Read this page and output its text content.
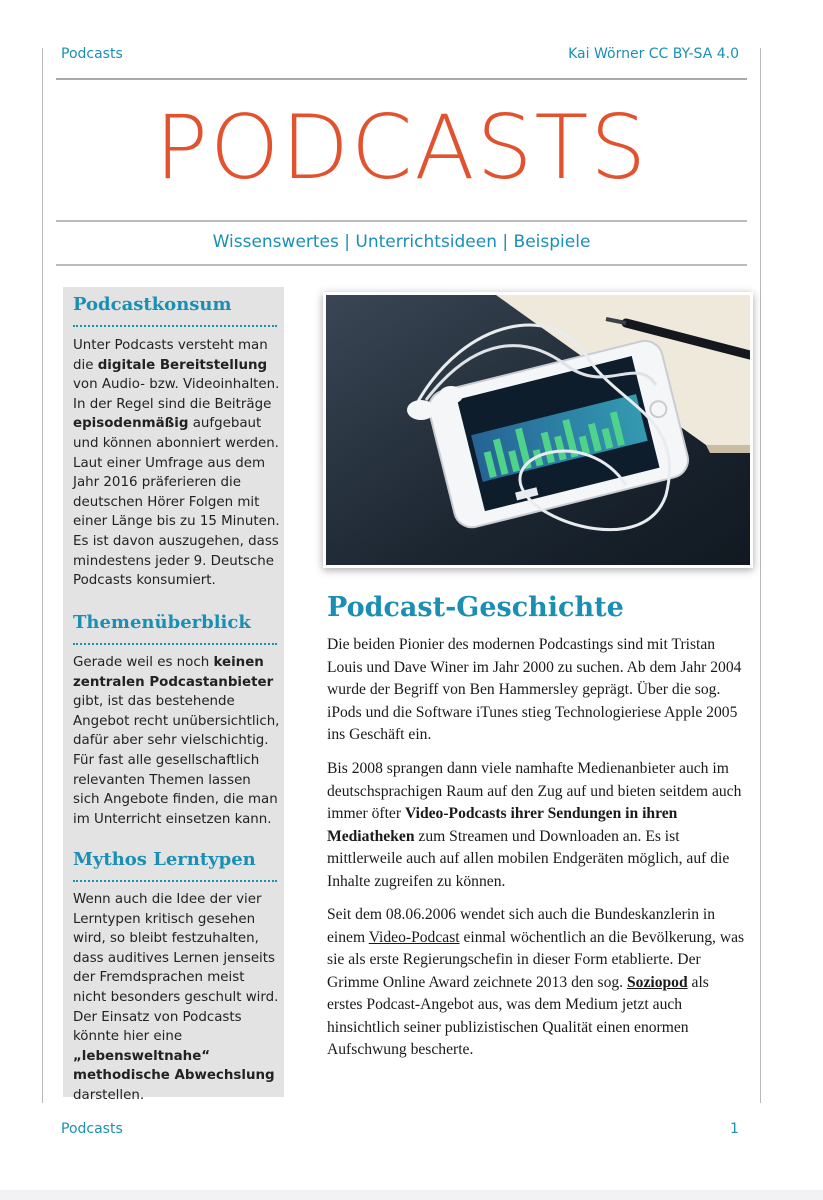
Podcasts	Kai Wörner CC BY-SA 4.0
PODCASTS
Wissenswertes | Unterrichtsideen | Beispiele
Podcastkonsum
Unter Podcasts versteht man die digitale Bereitstellung von Audio- bzw. Videoinhalten. In der Regel sind die Beiträge episodenmäßig aufgebaut und können abonniert werden. Laut einer Umfrage aus dem Jahr 2016 präferieren die deutschen Hörer Folgen mit einer Länge bis zu 15 Minuten. Es ist davon auszugehen, dass mindestens jeder 9. Deutsche Podcasts konsumiert.
Themenüberblick
Gerade weil es noch keinen zentralen Podcastanbieter gibt, ist das bestehende Angebot recht unübersichtlich, dafür aber sehr vielschichtig. Für fast alle gesellschaftlich relevanten Themen lassen sich Angebote finden, die man im Unterricht einsetzen kann.
Mythos Lerntypen
Wenn auch die Idee der vier Lerntypen kritisch gesehen wird, so bleibt festzuhalten, dass auditives Lernen jenseits der Fremdsprachen meist nicht besonders geschult wird. Der Einsatz von Podcasts könnte hier eine „lebensweltnahe“ methodische Abwechslung darstellen.
Podcast-Geschichte
Die beiden Pionier des modernen Podcastings sind mit Tristan Louis und Dave Winer im Jahr 2000 zu suchen. Ab dem Jahr 2004 wurde der Begriff von Ben Hammersley geprägt. Über die sog. iPods und die Software iTunes stieg Technologieriese Apple 2005 ins Geschäft ein.
Bis 2008 sprangen dann viele namhafte Medienanbieter auch im deutschsprachigen Raum auf den Zug auf und bieten seitdem auch immer öfter Video-Podcasts ihrer Sendungen in ihren Mediatheken zum Streamen und Downloaden an. Es ist mittlerweile auch auf allen mobilen Endgeräten möglich, auf die Inhalte zugreifen zu können.
Seit dem 08.06.2006 wendet sich auch die Bundeskanzlerin in einem Video-Podcast einmal wöchentlich an die Bevölkerung, was sie als erste Regierungschefin in dieser Form etablierte. Der Grimme Online Award zeichnete 2013 den sog. Soziopod als erstes Podcast-Angebot aus, was dem Medium jetzt auch hinsichtlich seiner publizistischen Qualität einen enormen Aufschwung bescherte.
Podcasts	1
